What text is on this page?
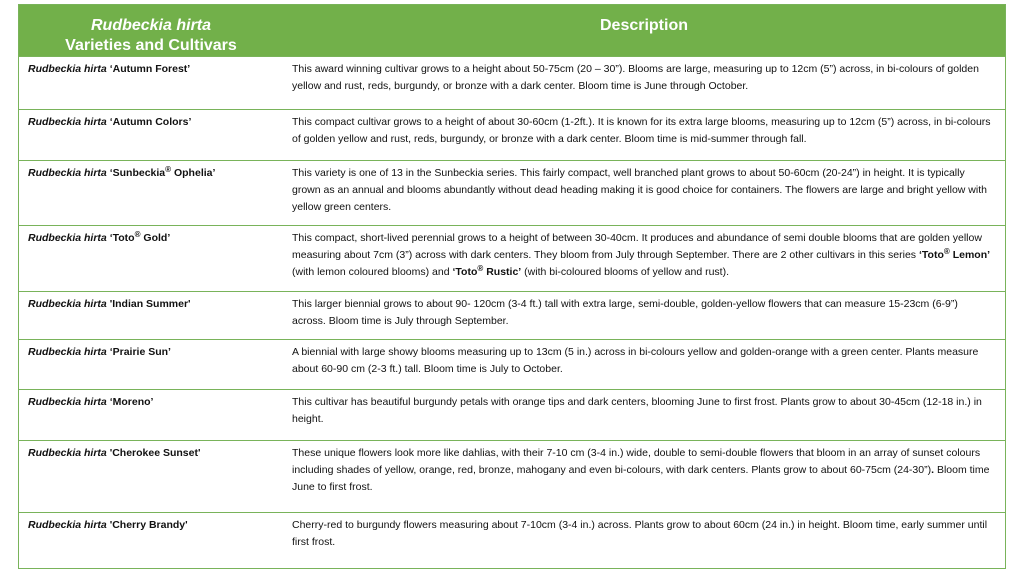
Rudbeckia hirta
Varieties and Cultivars	Description
Rudbeckia hirta ‘Autumn Forest’	This award winning cultivar grows to a height about 50-75cm (20 – 30”). Blooms are large, measuring up to 12cm (5”) across, in bi-colours of golden yellow and rust, reds, burgundy, or bronze with a dark center. Bloom time is June through October.
Rudbeckia hirta ‘Autumn Colors’	This compact cultivar grows to a height of about 30-60cm (1-2ft.). It is known for its extra large blooms, measuring up to 12cm (5”) across, in bi-colours of golden yellow and rust, reds, burgundy, or bronze with a dark center. Bloom time is mid-summer through fall.
Rudbeckia hirta ‘Sunbeckia® Ophelia’	This variety is one of 13 in the Sunbeckia series. This fairly compact, well branched plant grows to about 50-60cm (20-24”) in height. It is typically grown as an annual and blooms abundantly without dead heading making it is good choice for containers. The flowers are large and bright yellow with yellow green centers.
Rudbeckia hirta ‘Toto® Gold’	This compact, short-lived perennial grows to a height of between 30-40cm. It produces and abundance of semi double blooms that are golden yellow measuring about 7cm (3”) across with dark centers. They bloom from July through September. There are 2 other cultivars in this series ‘Toto® Lemon’ (with lemon coloured blooms) and ‘Toto® Rustic’ (with bi-coloured blooms of yellow and rust).
Rudbeckia hirta 'Indian Summer'	This larger biennial grows to about 90- 120cm (3-4 ft.) tall with extra large, semi-double, golden-yellow flowers that can measure 15-23cm (6-9”) across. Bloom time is July through September.
Rudbeckia hirta ‘Prairie Sun’	A biennial with large showy blooms measuring up to 13cm (5 in.) across in bi-colours yellow and golden-orange with a green center. Plants measure about 60-90 cm (2-3 ft.) tall. Bloom time is July to October.
Rudbeckia hirta ‘Moreno’	This cultivar has beautiful burgundy petals with orange tips and dark centers, blooming June to first frost. Plants grow to about 30-45cm (12-18 in.) in height.
Rudbeckia hirta 'Cherokee Sunset'	These unique flowers look more like dahlias, with their 7-10 cm (3-4 in.) wide, double to semi-double flowers that bloom in an array of sunset colours including shades of yellow, orange, red, bronze, mahogany and even bi-colours, with dark centers. Plants grow to about 60-75cm (24-30”). Bloom time June to first frost.
Rudbeckia hirta 'Cherry Brandy'	Cherry-red to burgundy flowers measuring about 7-10cm (3-4 in.) across. Plants grow to about 60cm (24 in.) in height. Bloom time, early summer until first frost.
